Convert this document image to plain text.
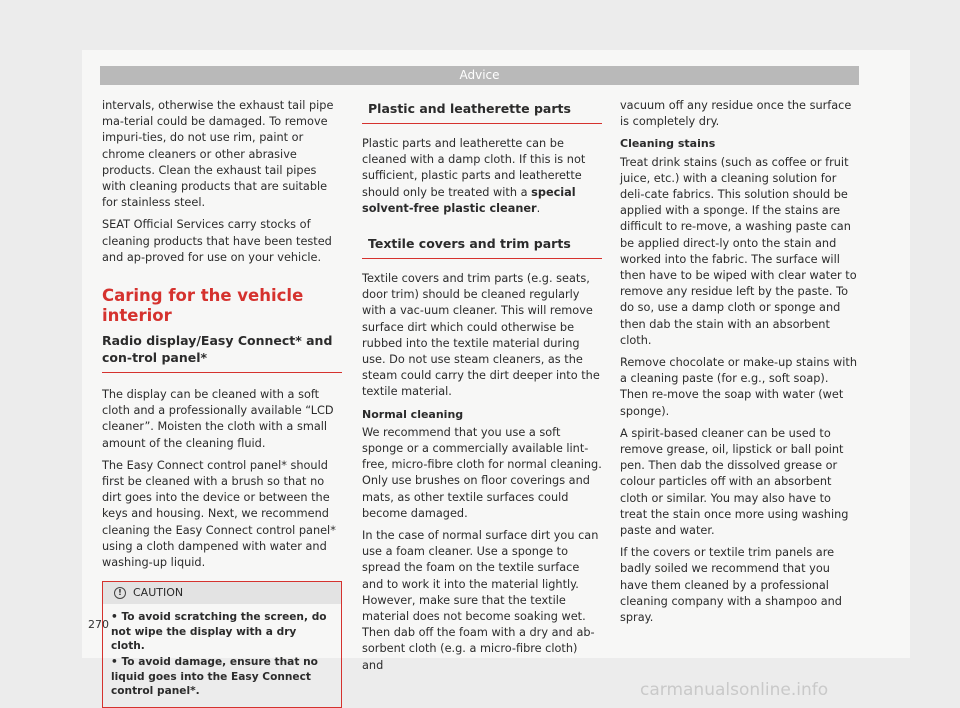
Advice

intervals, otherwise the exhaust tail pipe ma-terial could be damaged. To remove impuri-ties, do not use rim, paint or chrome cleaners or other abrasive products. Clean the exhaust tail pipes with cleaning products that are suitable for stainless steel.

SEAT Official Services carry stocks of cleaning products that have been tested and ap-proved for use on your vehicle.

Caring for the vehicle interior
Radio display/Easy Connect* and con-trol panel*

The display can be cleaned with a soft cloth and a professionally available “LCD cleaner”. Moisten the cloth with a small amount of the cleaning fluid.

The Easy Connect control panel* should first be cleaned with a brush so that no dirt goes into the device or between the keys and housing. Next, we recommend cleaning the Easy Connect control panel* using a cloth dampened with water and washing-up liquid.

!	CAUTION
• To avoid scratching the screen, do not wipe the display with a dry cloth.
• To avoid damage, ensure that no liquid goes into the Easy Connect control panel*.
Plastic and leatherette parts

Plastic parts and leatherette can be cleaned with a damp cloth. If this is not sufficient, plastic parts and leatherette should only be treated with a special solvent-free plastic cleaner.

Textile covers and trim parts

Textile covers and trim parts (e.g. seats, door trim) should be cleaned regularly with a vac-uum cleaner. This will remove surface dirt which could otherwise be rubbed into the textile material during use. Do not use steam cleaners, as the steam could carry the dirt deeper into the textile material.

Normal cleaning

We recommend that you use a soft sponge or a commercially available lint-free, micro-fibre cloth for normal cleaning. Only use brushes on floor coverings and mats, as other textile surfaces could become damaged.

In the case of normal surface dirt you can use a foam cleaner. Use a sponge to spread the foam on the textile surface and to work it into the material lightly. However, make sure that the textile material does not become soaking wet. Then dab off the foam with a dry and ab-sorbent cloth (e.g. a micro-fibre cloth) and

vacuum off any residue once the surface is completely dry.

Cleaning stains

Treat drink stains (such as coffee or fruit juice, etc.) with a cleaning solution for deli-cate fabrics. This solution should be applied with a sponge. If the stains are difficult to re-move, a washing paste can be applied direct-ly onto the stain and worked into the fabric. The surface will then have to be wiped with clear water to remove any residue left by the paste. To do so, use a damp cloth or sponge and then dab the stain with an absorbent cloth.

Remove chocolate or make-up stains with a cleaning paste (for e.g., soft soap). Then re-move the soap with water (wet sponge).

A spirit-based cleaner can be used to remove grease, oil, lipstick or ball point pen. Then dab the dissolved grease or colour particles off with an absorbent cloth or similar. You may also have to treat the stain once more using washing paste and water.

If the covers or textile trim panels are badly soiled we recommend that you have them cleaned by a professional cleaning company with a shampoo and spray.

270
carmanualsonline.info
